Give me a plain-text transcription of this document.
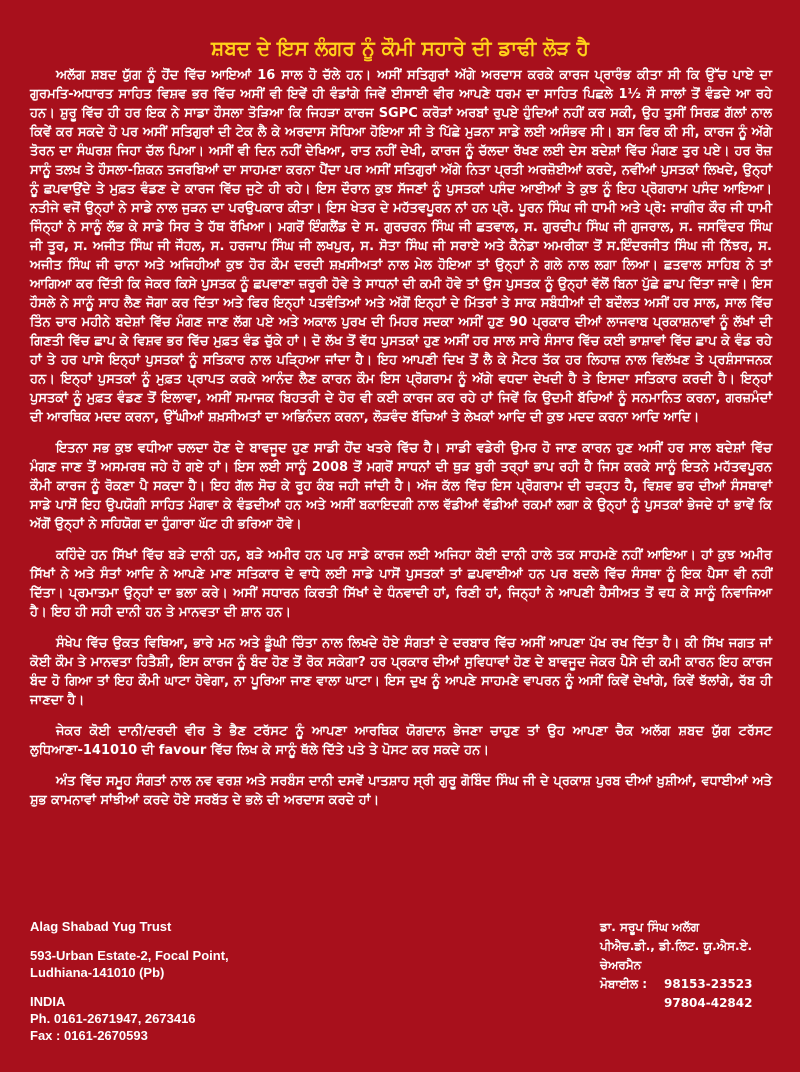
ਸ਼ਬਦ ਦੇ ਇਸ ਲੰਗਰ ਨੂੰ ਕੌਮੀ ਸਹਾਰੇ ਦੀ ਡਾਢੀ ਲੋੜ ਹੈ

ਅਲੱਗ ਸ਼ਬਦ ਯੁੱਗ ਨੂੰ ਹੋਂਦ ਵਿੱਚ ਆਇਆਂ 16 ਸਾਲ ਹੋ ਚੱਲੇ ਹਨ। ਅਸੀਂ ਸਤਿਗੁਰਾਂ ਅੱਗੇ ਅਰਦਾਸ ਕਰਕੇ ਕਾਰਜ ਪ੍ਰਾਰੰਭ ਕੀਤਾ ਸੀ ਕਿ ਉੱਚ ਪਾਏ ਦਾ ਗੁਰਮਤਿ-ਅਧਾਰਤ ਸਾਹਿਤ ਵਿਸ਼ਵ ਭਰ ਵਿੱਚ ਅਸੀਂ ਵੀ ਇਵੇਂ ਹੀ ਵੰਡਾਂਗੇ ਜਿਵੇਂ ਈਸਾਈ ਵੀਰ ਆਪਣੇ ਧਰਮ ਦਾ ਸਾਹਿਤ ਪਿਛਲੇ 1½ ਸੌ ਸਾਲਾਂ ਤੋਂ ਵੰਡਦੇ ਆ ਰਹੇ ਹਨ। ਸ਼ੁਰੂ ਵਿੱਚ ਹੀ ਹਰ ਇਕ ਨੇ ਸਾਡਾ ਹੌਸਲਾ ਤੋੜਿਆ ਕਿ ਜਿਹੜਾ ਕਾਰਜ SGPC ਕਰੋੜਾਂ ਅਰਬਾਂ ਰੁਪਏ ਹੁੰਦਿਆਂ ਨਹੀਂ ਕਰ ਸਕੀ, ਉਹ ਤੁਸੀਂ ਸਿਰਫ਼ ਗੱਲਾਂ ਨਾਲ ਕਿਵੇਂ ਕਰ ਸਕਦੇ ਹੋ ਪਰ ਅਸੀਂ ਸਤਿਗੁਰਾਂ ਦੀ ਟੇਕ ਲੈ ਕੇ ਅਰਦਾਸ ਸੋਧਿਆ ਹੋਇਆ ਸੀ ਤੇ ਪਿੱਛੇ ਮੁੜਨਾ ਸਾਡੇ ਲਈ ਅਸੰਭਵ ਸੀ। ਬਸ ਫਿਰ ਕੀ ਸੀ, ਕਾਰਜ ਨੂੰ ਅੱਗੇ ਤੋਰਨ ਦਾ ਸੰਘਰਸ਼ ਜਿਹਾ ਚੱਲ ਪਿਆ। ਅਸੀਂ ਵੀ ਦਿਨ ਨਹੀਂ ਦੇਖਿਆ, ਰਾਤ ਨਹੀਂ ਦੇਖੀ, ਕਾਰਜ ਨੂੰ ਚੱਲਦਾ ਰੱਖਣ ਲਈ ਦੇਸ ਬਦੇਸ਼ਾਂ ਵਿੱਚ ਮੰਗਣ ਤੁਰ ਪਏ। ਹਰ ਰੋਜ਼ ਸਾਨੂੰ ਤਲਖ ਤੇ ਹੌਸਲਾ-ਸ਼ਿਕਨ ਤਜਰਬਿਆਂ ਦਾ ਸਾਹਮਣਾ ਕਰਨਾ ਪੈਂਦਾ ਪਰ ਅਸੀਂ ਸਤਿਗੁਰਾਂ ਅੱਗੇ ਨਿਤਾ ਪ੍ਰਤੀ ਅਰਜ਼ੋਈਆਂ ਕਰਦੇ, ਨਵੀਂਆਂ ਪੁਸਤਕਾਂ ਲਿਖਦੇ, ਉਨ੍ਹਾਂ ਨੂੰ ਛਪਵਾਉਂਦੇ ਤੇ ਮੁਫ਼ਤ ਵੰਡਣ ਦੇ ਕਾਰਜ ਵਿੱਚ ਜੁਟੇ ਹੀ ਰਹੇ। ਇਸ ਦੌਰਾਨ ਕੁਝ ਸੱਜਣਾਂ ਨੂੰ ਪੁਸਤਕਾਂ ਪਸੰਦ ਆਈਆਂ ਤੇ ਕੁਝ ਨੂੰ ਇਹ ਪ੍ਰੋਗਰਾਮ ਪਸੰਦ ਆਇਆ। ਨਤੀਜੇ ਵਜੋਂ ਉਨ੍ਹਾਂ ਨੇ ਸਾਡੇ ਨਾਲ ਜੁੜਨ ਦਾ ਪਰਉਪਕਾਰ ਕੀਤਾ। ਇਸ ਖੇਤਰ ਦੇ ਮਹੱਤਵਪੂਰਨ ਨਾਂ ਹਨ ਪ੍ਰੋ. ਪੂਰਨ ਸਿੰਘ ਜੀ ਧਾਮੀ ਅਤੇ ਪ੍ਰੋ: ਜਾਗੀਰ ਕੌਰ ਜੀ ਧਾਮੀ ਜਿੰਨ੍ਹਾਂ ਨੇ ਸਾਨੂੰ ਲੱਭ ਕੇ ਸਾਡੇ ਸਿਰ ਤੇ ਹੱਥ ਰੱਖਿਆ। ਮਗਰੋਂ ਇੰਗਲੈਂਡ ਦੇ ਸ. ਗੁਰਚਰਨ ਸਿੰਘ ਜੀ ਛਤਵਾਲ, ਸ. ਗੁਰਦੀਪ ਸਿੰਘ ਜੀ ਗੁਜਰਾਲ, ਸ. ਜਸਵਿੰਦਰ ਸਿੰਘ ਜੀ ਤੂਰ, ਸ. ਅਜੀਤ ਸਿੰਘ ਜੀ ਜੌਹਲ, ਸ. ਹਰਜਾਪ ਸਿੰਘ ਜੀ ਲਖਪੁਰ, ਸ. ਸੋਤਾ ਸਿੰਘ ਜੀ ਸਰਾਏ ਅਤੇ ਕੈਨੇਡਾ ਅਮਰੀਕਾ ਤੋਂ ਸ.ਇੰਦਰਜੀਤ ਸਿੰਘ ਜੀ ਨਿੱਝਰ, ਸ. ਅਜੀਤ ਸਿੰਘ ਜੀ ਚਾਨਾ ਅਤੇ ਅਜਿਹੀਆਂ ਕੁਝ ਹੋਰ ਕੌਮ ਦਰਦੀ ਸ਼ਖ਼ਸੀਅਤਾਂ ਨਾਲ ਮੇਲ ਹੋਇਆ ਤਾਂ ਉਨ੍ਹਾਂ ਨੇ ਗਲੇ ਨਾਲ ਲਗਾ ਲਿਆ। ਛਤਵਾਲ ਸਾਹਿਬ ਨੇ ਤਾਂ ਆਗਿਆ ਕਰ ਦਿੱਤੀ ਕਿ ਜੇਕਰ ਕਿਸੇ ਪੁਸਤਕ ਨੂੰ ਛਪਵਾਣਾ ਜ਼ਰੂਰੀ ਹੋਵੇ ਤੇ ਸਾਧਨਾਂ ਦੀ ਕਮੀ ਹੋਵੇ ਤਾਂ ਉਸ ਪੁਸਤਕ ਨੂੰ ਉਨ੍ਹਾਂ ਵੱਲੋਂ ਬਿਨਾ ਪੁੱਛੇ ਛਾਪ ਦਿੱਤਾ ਜਾਵੇ। ਇਸ ਹੌਸਲੇ ਨੇ ਸਾਨੂੰ ਸਾਹ ਲੈਣ ਜੋਗਾ ਕਰ ਦਿੱਤਾ ਅਤੇ ਫਿਰ ਇਨ੍ਹਾਂ ਪਤਵੰਤਿਆਂ ਅਤੇ ਅੱਗੋਂ ਇਨ੍ਹਾਂ ਦੇ ਮਿੱਤਰਾਂ ਤੇ ਸਾਕ ਸਬੰਧੀਆਂ ਦੀ ਬਦੌਲਤ ਅਸੀਂ ਹਰ ਸਾਲ, ਸਾਲ ਵਿੱਚ ਤਿੰਨ ਚਾਰ ਮਹੀਨੇ ਬਦੇਸ਼ਾਂ ਵਿੱਚ ਮੰਗਣ ਜਾਣ ਲੱਗ ਪਏ ਅਤੇ ਅਕਾਲ ਪੁਰਖ ਦੀ ਮਿਹਰ ਸਦਕਾ ਅਸੀਂ ਹੁਣ 90 ਪ੍ਰਕਾਰ ਦੀਆਂ ਲਾਜਵਾਬ ਪ੍ਰਕਾਸ਼ਨਾਵਾਂ ਨੂੰ ਲੱਖਾਂ ਦੀ ਗਿਣਤੀ ਵਿੱਚ ਛਾਪ ਕੇ ਵਿਸ਼ਵ ਭਰ ਵਿੱਚ ਮੁਫ਼ਤ ਵੰਡ ਚੁੱਕੇ ਹਾਂ। ਦੋ ਲੱਖ ਤੋਂ ਵੱਧ ਪੁਸਤਕਾਂ ਹੁਣ ਅਸੀਂ ਹਰ ਸਾਲ ਸਾਰੇ ਸੰਸਾਰ ਵਿੱਚ ਕਈ ਭਾਸ਼ਾਵਾਂ ਵਿੱਚ ਛਾਪ ਕੇ ਵੰਡ ਰਹੇ ਹਾਂ ਤੇ ਹਰ ਪਾਸੇ ਇਨ੍ਹਾਂ ਪੁਸਤਕਾਂ ਨੂੰ ਸਤਿਕਾਰ ਨਾਲ ਪੜ੍ਹਿਆ ਜਾਂਦਾ ਹੈ। ਇਹ ਆਪਣੀ ਦਿਖ ਤੋਂ ਲੈ ਕੇ ਮੈਟਰ ਤੱਕ ਹਰ ਲਿਹਾਜ਼ ਨਾਲ ਵਿਲੱਖਣ ਤੇ ਪ੍ਰਸ਼ੰਸਾਜਨਕ ਹਨ। ਇਨ੍ਹਾਂ ਪੁਸਤਕਾਂ ਨੂੰ ਮੁਫ਼ਤ ਪ੍ਰਾਪਤ ਕਰਕੇ ਆਨੰਦ ਲੈਣ ਕਾਰਨ ਕੌਮ ਇਸ ਪ੍ਰੋਗਰਾਮ ਨੂੰ ਅੱਗੇ ਵਧਦਾ ਦੇਖਦੀ ਹੈ ਤੇ ਇਸਦਾ ਸਤਿਕਾਰ ਕਰਦੀ ਹੈ। ਇਨ੍ਹਾਂ ਪੁਸਤਕਾਂ ਨੂੰ ਮੁਫ਼ਤ ਵੰਡਣ ਤੋਂ ਇਲਾਵਾ, ਅਸੀਂ ਸਮਾਜਕ ਬਿਹਤਰੀ ਦੇ ਹੋਰ ਵੀ ਕਈ ਕਾਰਜ ਕਰ ਰਹੇ ਹਾਂ ਜਿਵੇਂ ਕਿ ਉਦਮੀ ਬੱਚਿਆਂ ਨੂੰ ਸਨਮਾਨਿਤ ਕਰਨਾ, ਗਰਜ਼ਮੰਦਾਂ ਦੀ ਆਰਥਿਕ ਮਦਦ ਕਰਨਾ, ਉੱਘੀਆਂ ਸ਼ਖ਼ਸੀਅਤਾਂ ਦਾ ਅਭਿਨੰਦਨ ਕਰਨਾ, ਲੋੜਵੰਦ ਬੱਚਿਆਂ ਤੇ ਲੇਖਕਾਂ ਆਦਿ ਦੀ ਕੁਝ ਮਦਦ ਕਰਨਾ ਆਦਿ ਆਦਿ।

ਇਤਨਾ ਸਭ ਕੁਝ ਵਧੀਆ ਚਲਦਾ ਹੋਣ ਦੇ ਬਾਵਜੂਦ ਹੁਣ ਸਾਡੀ ਹੋਂਦ ਖਤਰੇ ਵਿੱਚ ਹੈ। ਸਾਡੀ ਵਡੇਰੀ ਉਮਰ ਹੋ ਜਾਣ ਕਾਰਨ ਹੁਣ ਅਸੀਂ ਹਰ ਸਾਲ ਬਦੇਸ਼ਾਂ ਵਿੱਚ ਮੰਗਣ ਜਾਣ ਤੋਂ ਅਸਮਰਥ ਜਹੇ ਹੋ ਗਏ ਹਾਂ। ਇਸ ਲਈ ਸਾਨੂੰ 2008 ਤੋਂ ਮਗਰੋਂ ਸਾਧਨਾਂ ਦੀ ਥੁੜ ਬੁਰੀ ਤਰ੍ਹਾਂ ਭਾਪ ਰਹੀ ਹੈ ਜਿਸ ਕਰਕੇ ਸਾਨੂੰ ਇਤਨੇ ਮਹੱਤਵਪੂਰਨ ਕੌਮੀ ਕਾਰਜ ਨੂੰ ਰੋਕਣਾ ਪੈ ਸਕਦਾ ਹੈ। ਇਹ ਗੱਲ ਸੋਚ ਕੇ ਰੂਹ ਕੰਬ ਜਹੀ ਜਾਂਦੀ ਹੈ। ਅੱਜ ਕੱਲ ਵਿੱਚ ਇਸ ਪ੍ਰੋਗਰਾਮ ਦੀ ਚੜ੍ਹਤ ਹੈ, ਵਿਸ਼ਵ ਭਰ ਦੀਆਂ ਸੰਸਥਾਵਾਂ ਸਾਡੇ ਪਾਸੋਂ ਇਹ ਉਪਯੋਗੀ ਸਾਹਿਤ ਮੰਗਵਾ ਕੇ ਵੰਡਦੀਆਂ ਹਨ ਅਤੇ ਅਸੀਂ ਬਕਾਇਦਗੀ ਨਾਲ ਵੱਡੀਆਂ ਵੱਡੀਆਂ ਰਕਮਾਂ ਲਗਾ ਕੇ ਉਨ੍ਹਾਂ ਨੂੰ ਪੁਸਤਕਾਂ ਭੇਜਦੇ ਹਾਂ ਭਾਵੇਂ ਕਿ ਅੱਗੋਂ ਉਨ੍ਹਾਂ ਨੇ ਸਹਿਯੋਗ ਦਾ ਹੁੰਗਾਰਾ ਘੱਟ ਹੀ ਭਰਿਆ ਹੋਵੇ।

ਕਹਿੰਦੇ ਹਨ ਸਿੱਖਾਂ ਵਿੱਚ ਬੜੇ ਦਾਨੀ ਹਨ, ਬੜੇ ਅਮੀਰ ਹਨ ਪਰ ਸਾਡੇ ਕਾਰਜ ਲਈ ਅਜਿਹਾ ਕੋਈ ਦਾਨੀ ਹਾਲੇ ਤਕ ਸਾਹਮਣੇ ਨਹੀਂ ਆਇਆ। ਹਾਂ ਕੁਝ ਅਮੀਰ ਸਿੱਖਾਂ ਨੇ ਅਤੇ ਸੰਤਾਂ ਆਦਿ ਨੇ ਆਪਣੇ ਮਾਣ ਸਤਿਕਾਰ ਦੇ ਵਾਧੇ ਲਈ ਸਾਡੇ ਪਾਸੋਂ ਪੁਸਤਕਾਂ ਤਾਂ ਛਪਵਾਈਆਂ ਹਨ ਪਰ ਬਦਲੇ ਵਿੱਚ ਸੰਸਥਾ ਨੂੰ ਇਕ ਪੈਸਾ ਵੀ ਨਹੀਂ ਦਿੱਤਾ। ਪ੍ਰਮਾਤਮਾ ਉਨ੍ਹਾਂ ਦਾ ਭਲਾ ਕਰੇ। ਅਸੀਂ ਸਧਾਰਨ ਕਿਰਤੀ ਸਿੱਖਾਂ ਦੇ ਧੰਨਵਾਦੀ ਹਾਂ, ਰਿਣੀ ਹਾਂ, ਜਿਨ੍ਹਾਂ ਨੇ ਆਪਣੀ ਹੈਸੀਅਤ ਤੋਂ ਵਧ ਕੇ ਸਾਨੂੰ ਨਿਵਾਜਿਆ ਹੈ। ਇਹ ਹੀ ਸਹੀ ਦਾਨੀ ਹਨ ਤੇ ਮਾਨਵਤਾ ਦੀ ਸ਼ਾਨ ਹਨ।

ਸੰਖੇਪ ਵਿੱਚ ਉਕਤ ਵਿਥਿਆ, ਭਾਰੇ ਮਨ ਅਤੇ ਡੂੰਘੀ ਚਿੰਤਾ ਨਾਲ ਲਿਖਦੇ ਹੋਏ ਸੰਗਤਾਂ ਦੇ ਦਰਬਾਰ ਵਿੱਚ ਅਸੀਂ ਆਪਣਾ ਪੱਖ ਰਖ ਦਿੱਤਾ ਹੈ। ਕੀ ਸਿੱਖ ਜਗਤ ਜਾਂ ਕੋਈ ਕੌਮ ਤੇ ਮਾਨਵਤਾ ਹਿਤੈਸ਼ੀ, ਇਸ ਕਾਰਜ ਨੂੰ ਬੰਦ ਹੋਣ ਤੋਂ ਰੋਕ ਸਕੇਗਾ? ਹਰ ਪ੍ਰਕਾਰ ਦੀਆਂ ਸੁਵਿਧਾਵਾਂ ਹੋਣ ਦੇ ਬਾਵਜੂਦ ਜੇਕਰ ਪੈਸੇ ਦੀ ਕਮੀ ਕਾਰਨ ਇਹ ਕਾਰਜ ਬੰਦ ਹੋ ਗਿਆ ਤਾਂ ਇਹ ਕੌਮੀ ਘਾਟਾ ਹੋਵੇਗਾ, ਨਾ ਪੂਰਿਆ ਜਾਣ ਵਾਲਾ ਘਾਟਾ। ਇਸ ਦੁਖ ਨੂੰ ਆਪਣੇ ਸਾਹਮਣੇ ਵਾਪਰਨ ਨੂੰ ਅਸੀਂ ਕਿਵੇਂ ਦੇਖਾਂਗੇ, ਕਿਵੇਂ ਝੱਲਾਂਗੇ, ਰੱਬ ਹੀ ਜਾਣਦਾ ਹੈ।

ਜੇਕਰ ਕੋਈ ਦਾਨੀ/ਦਰਦੀ ਵੀਰ ਤੇ ਭੈਣ ਟਰੱਸਟ ਨੂੰ ਆਪਣਾ ਆਰਥਿਕ ਯੋਗਦਾਨ ਭੇਜਣਾ ਚਾਹੁਣ ਤਾਂ ਉਹ ਆਪਣਾ ਚੈਕ ਅਲੱਗ ਸ਼ਬਦ ਯੁੱਗ ਟਰੱਸਟ ਲੁਧਿਆਣਾ-141010 ਦੀ favour ਵਿੱਚ ਲਿਖ ਕੇ ਸਾਨੂੰ ਥੱਲੇ ਦਿੱਤੇ ਪਤੇ ਤੇ ਪੋਸਟ ਕਰ ਸਕਦੇ ਹਨ।

ਅੰਤ ਵਿੱਚ ਸਮੂਹ ਸੰਗਤਾਂ ਨਾਲ ਨਵ ਵਰਸ਼ ਅਤੇ ਸਰਬੰਸ ਦਾਨੀ ਦਸਵੇਂ ਪਾਤਸ਼ਾਹ ਸ੍ਰੀ ਗੁਰੂ ਗੋਬਿੰਦ ਸਿੰਘ ਜੀ ਦੇ ਪ੍ਰਕਾਸ਼ ਪੁਰਬ ਦੀਆਂ ਖ਼ੁਸ਼ੀਆਂ, ਵਧਾਈਆਂ ਅਤੇ ਸ਼ੁਭ ਕਾਮਨਾਵਾਂ ਸਾਂਝੀਆਂ ਕਰਦੇ ਹੋਏ ਸਰਬੱਤ ਦੇ ਭਲੇ ਦੀ ਅਰਦਾਸ ਕਰਦੇ ਹਾਂ।

Alag Shabad Yug Trust
593-Urban Estate-2, Focal Point,
Ludhiana-141010 (Pb)
INDIA
Ph. 0161-2671947, 2673416
Fax : 0161-2670593
ਡਾ. ਸਰੂਪ ਸਿੰਘ ਅਲੱਗ
ਪੀਐਚ.ਡੀ., ਡੀ.ਲਿਟ. ਯੂ.ਐਸ.ਏ.
ਚੇਅਰਮੈਨ
ਮੋਬਾਈਲ :	98153-23523
97804-42842
